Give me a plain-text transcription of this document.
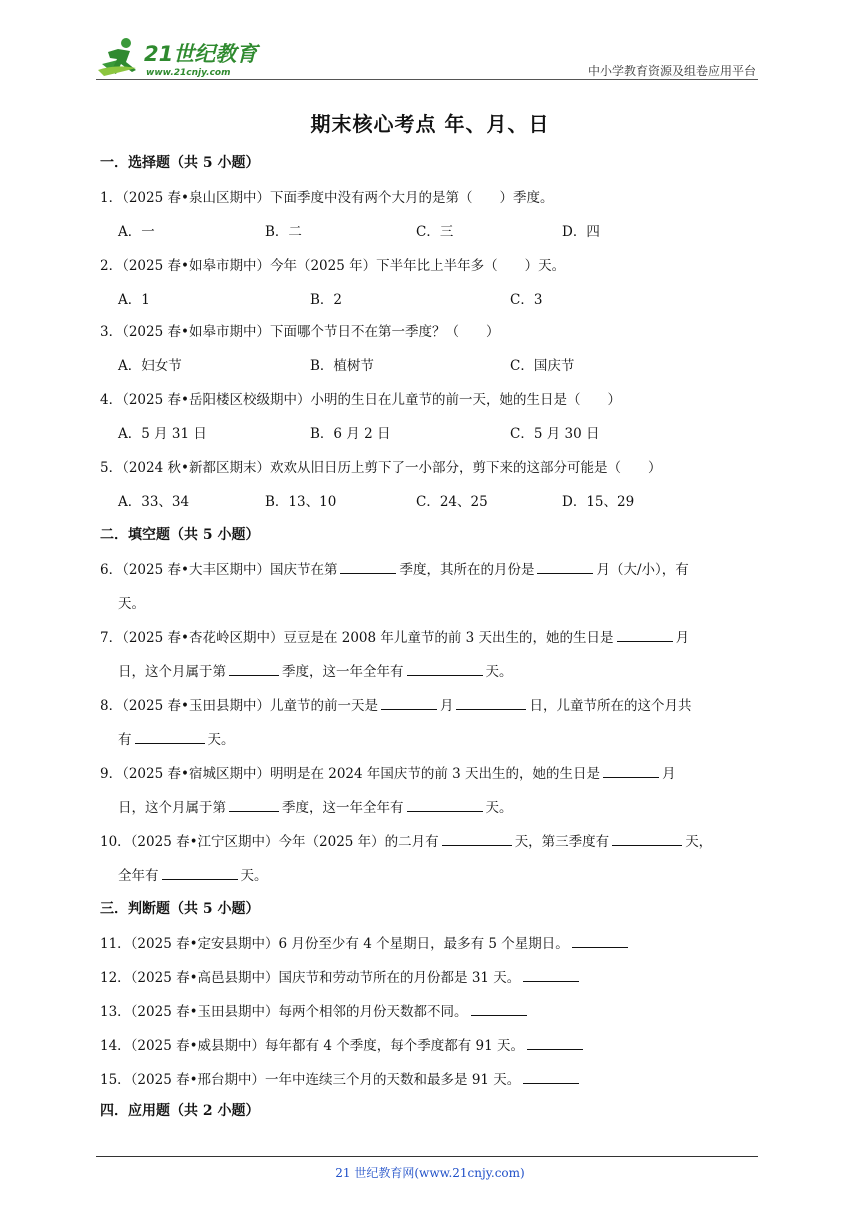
21世纪教育
www.21cnjy.com	中小学教育资源及组卷应用平台
期末核心考点 年、月、日
一．选择题（共 5 小题）
1．（2025 春•泉山区期中）下面季度中没有两个大月的是第（　　）季度。
A．一	B．二	C．三	D．四
2．（2025 春•如皋市期中）今年（2025 年）下半年比上半年多（　　）天。
A．1	B．2	C．3
3．（2025 春•如皋市期中）下面哪个节日不在第一季度？（　　）
A．妇女节	B．植树节	C．国庆节
4．（2025 春•岳阳楼区校级期中）小明的生日在儿童节的前一天，她的生日是（　　）
A．5 月 31 日	B．6 月 2 日	C．5 月 30 日
5．（2024 秋•新都区期末）欢欢从旧日历上剪下了一小部分，剪下来的这部分可能是（　　）
A．33、34	B．13、10	C．24、25	D．15、29
二．填空题（共 5 小题）
6．（2025 春•大丰区期中）国庆节在第	季度，其所在的月份是	月（大/小），有
天。
7．（2025 春•杏花岭区期中）豆豆是在 2008 年儿童节的前 3 天出生的，她的生日是	月
日，这个月属于第	季度，这一年全年有	天。
8．（2025 春•玉田县期中）儿童节的前一天是	月	日，儿童节所在的这个月共
有	天。
9．（2025 春•宿城区期中）明明是在 2024 年国庆节的前 3 天出生的，她的生日是	月
日，这个月属于第	季度，这一年全年有	天。
10．（2025 春•江宁区期中）今年（2025 年）的二月有	天，第三季度有	天，
全年有	天。
三．判断题（共 5 小题）
11．（2025 春•定安县期中）6 月份至少有 4 个星期日，最多有 5 个星期日。
12．（2025 春•高邑县期中）国庆节和劳动节所在的月份都是 31 天。
13．（2025 春•玉田县期中）每两个相邻的月份天数都不同。
14．（2025 春•威县期中）每年都有 4 个季度，每个季度都有 91 天。
15．（2025 春•邢台期中）一年中连续三个月的天数和最多是 91 天。
四．应用题（共 2 小题）
21 世纪教育网(www.21cnjy.com)
